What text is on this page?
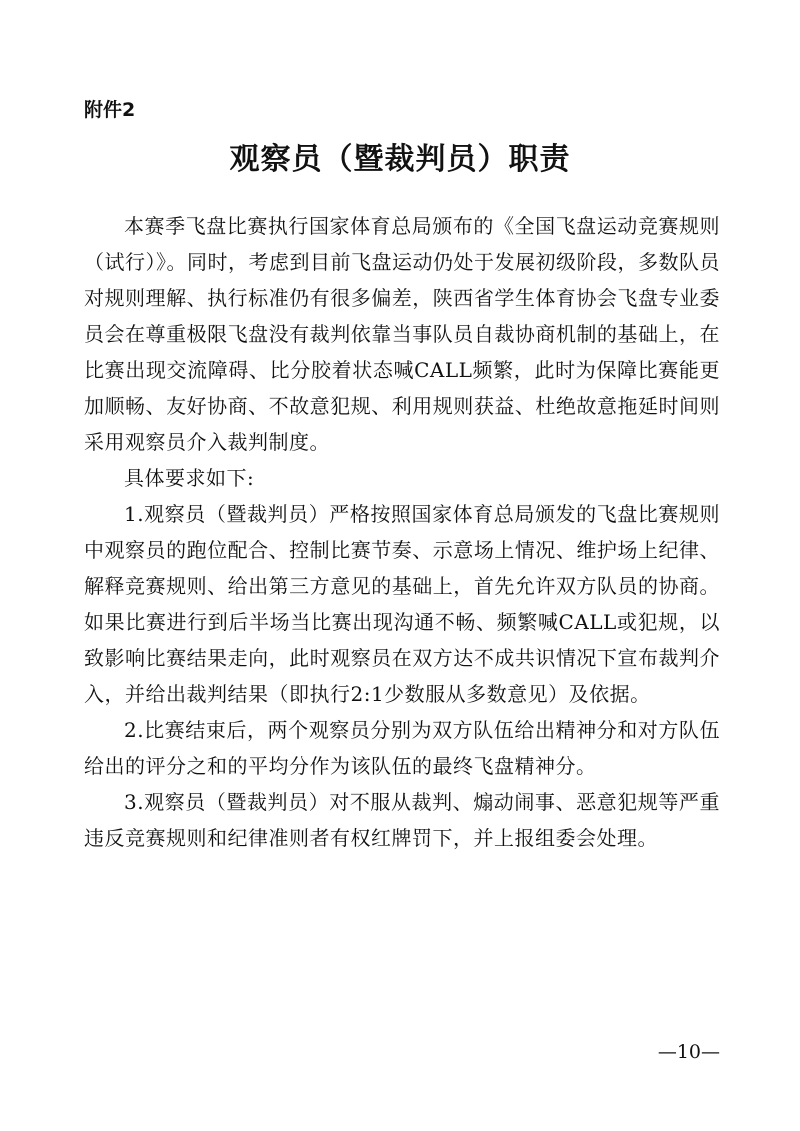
附件2

观察员（暨裁判员）职责

本赛季飞盘比赛执行国家体育总局颁布的《全国飞盘运动竞赛规则（试行）》。同时，考虑到目前飞盘运动仍处于发展初级阶段，多数队员对规则理解、执行标准仍有很多偏差，陕西省学生体育协会飞盘专业委员会在尊重极限飞盘没有裁判依靠当事队员自裁协商机制的基础上，在比赛出现交流障碍、比分胶着状态喊CALL频繁，此时为保障比赛能更加顺畅、友好协商、不故意犯规、利用规则获益、杜绝故意拖延时间则采用观察员介入裁判制度。

具体要求如下:

1.观察员（暨裁判员）严格按照国家体育总局颁发的飞盘比赛规则中观察员的跑位配合、控制比赛节奏、示意场上情况、维护场上纪律、解释竞赛规则、给出第三方意见的基础上，首先允许双方队员的协商。如果比赛进行到后半场当比赛出现沟通不畅、频繁喊CALL或犯规，以致影响比赛结果走向，此时观察员在双方达不成共识情况下宣布裁判介入，并给出裁判结果（即执行2:1少数服从多数意见）及依据。

2.比赛结束后，两个观察员分别为双方队伍给出精神分和对方队伍给出的评分之和的平均分作为该队伍的最终飞盘精神分。

3.观察员（暨裁判员）对不服从裁判、煽动闹事、恶意犯规等严重违反竞赛规则和纪律准则者有权红牌罚下，并上报组委会处理。

—10—
